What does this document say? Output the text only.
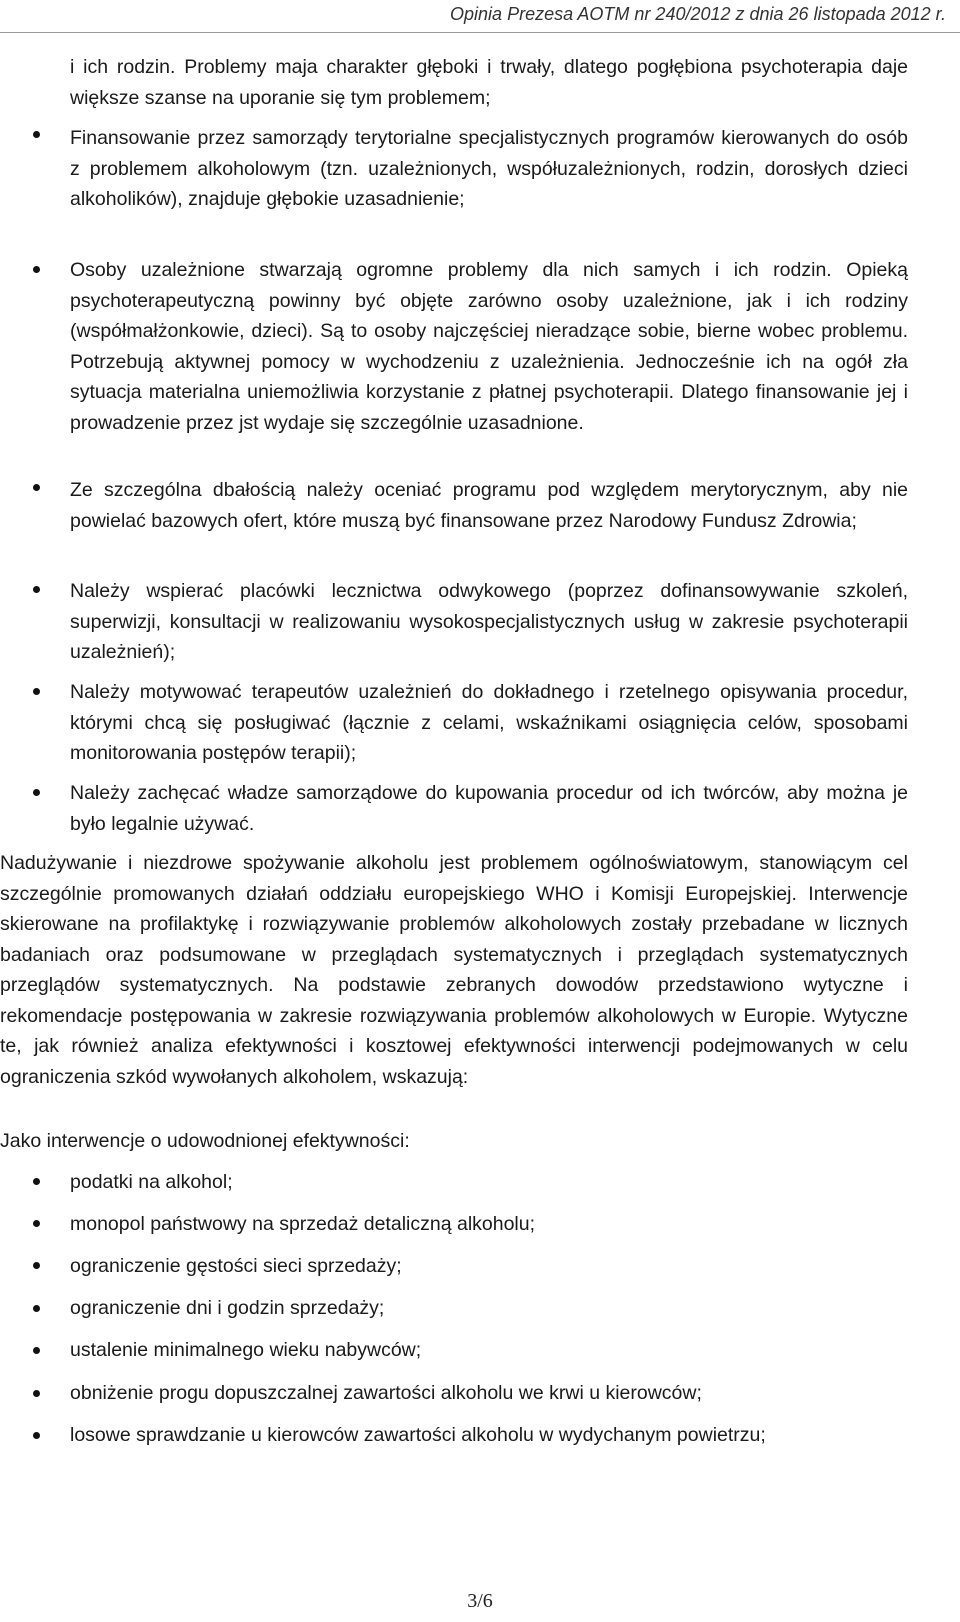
Opinia Prezesa AOTM nr 240/2012 z dnia 26 listopada 2012 r.
i ich rodzin. Problemy maja charakter głęboki i trwały, dlatego pogłębiona psychoterapia daje większe szanse na uporanie się tym problemem;
Finansowanie przez samorządy terytorialne specjalistycznych programów kierowanych do osób z problemem alkoholowym (tzn. uzależnionych, współuzależnionych, rodzin, dorosłych dzieci alkoholików), znajduje głębokie uzasadnienie;
Osoby uzależnione stwarzają ogromne problemy dla nich samych i ich rodzin. Opieką psychoterapeutyczną powinny być objęte zarówno osoby uzależnione, jak i ich rodziny (współmałżonkowie, dzieci). Są to osoby najczęściej nieradzące sobie, bierne wobec problemu. Potrzebują aktywnej pomocy w wychodzeniu z uzależnienia. Jednocześnie ich na ogół zła sytuacja materialna uniemożliwia korzystanie z płatnej psychoterapii. Dlatego finansowanie jej i prowadzenie przez jst wydaje się szczególnie uzasadnione.
Ze szczególna dbałością należy oceniać programu pod względem merytorycznym, aby nie powielać bazowych ofert, które muszą być finansowane przez Narodowy Fundusz Zdrowia;
Należy wspierać placówki lecznictwa odwykowego (poprzez dofinansowywanie szkoleń, superwizji, konsultacji w realizowaniu wysokospecjalistycznych usług w zakresie psychoterapii uzależnień);
Należy motywować terapeutów uzależnień do dokładnego i rzetelnego opisywania procedur, którymi chcą się posługiwać (łącznie z celami, wskaźnikami osiągnięcia celów, sposobami monitorowania postępów terapii);
Należy zachęcać władze samorządowe do kupowania procedur od ich twórców, aby można je było legalnie używać.
Nadużywanie i niezdrowe spożywanie alkoholu jest problemem ogólnoświatowym, stanowiącym cel szczególnie promowanych działań oddziału europejskiego WHO i Komisji Europejskiej. Interwencje skierowane na profilaktykę i rozwiązywanie problemów alkoholowych zostały przebadane w licznych badaniach oraz podsumowane w przeglądach systematycznych i przeglądach systematycznych przeglądów systematycznych. Na podstawie zebranych dowodów przedstawiono wytyczne i rekomendacje postępowania w zakresie rozwiązywania problemów alkoholowych w Europie. Wytyczne te, jak również analiza efektywności i kosztowej efektywności interwencji podejmowanych w celu ograniczenia szkód wywołanych alkoholem, wskazują:
Jako interwencje o udowodnionej efektywności:
podatki na alkohol;
monopol państwowy na sprzedaż detaliczną alkoholu;
ograniczenie gęstości sieci sprzedaży;
ograniczenie dni i godzin sprzedaży;
ustalenie minimalnego wieku nabywców;
obniżenie progu dopuszczalnej zawartości alkoholu we krwi u kierowców;
losowe sprawdzanie u kierowców zawartości alkoholu w wydychanym powietrzu;
3/6
